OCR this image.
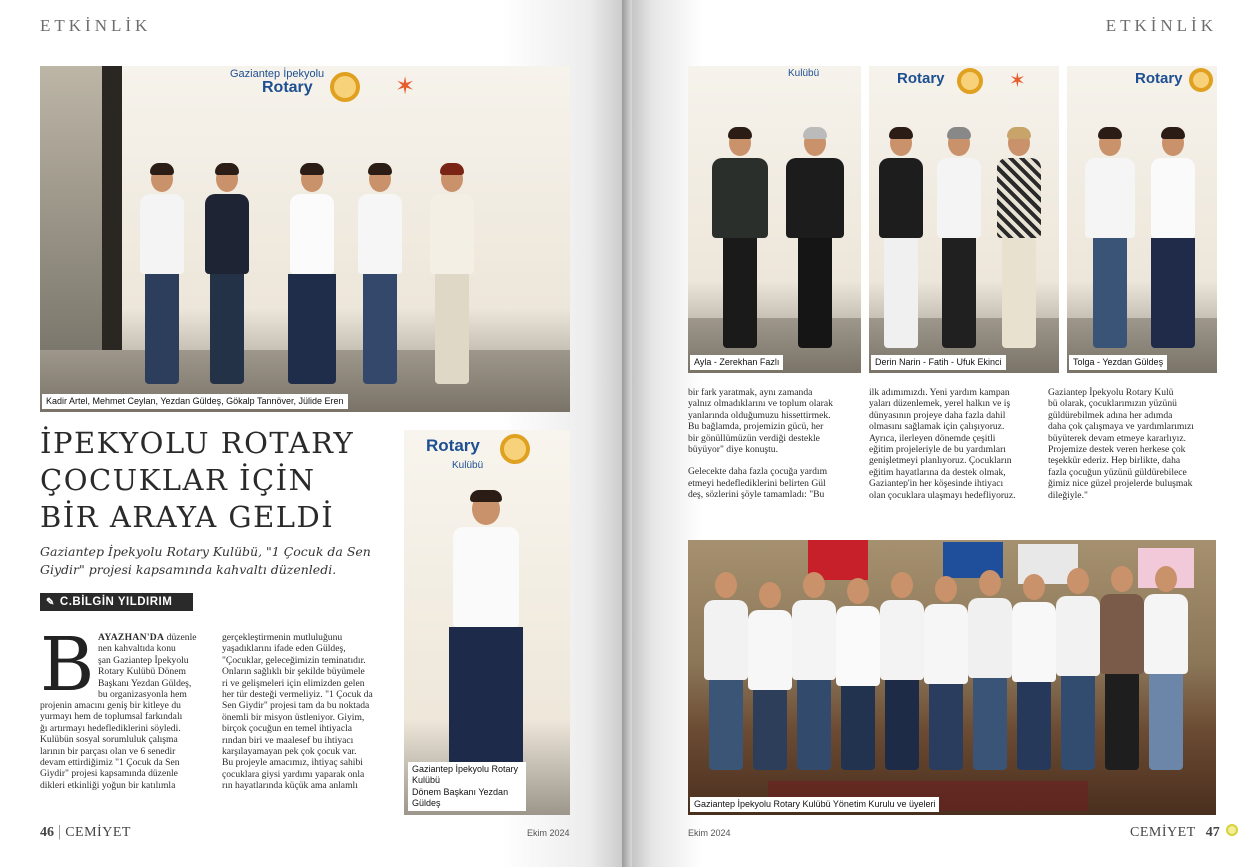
ETKİNLİK
Gaziantep İpekyolu
Rotary	✶
Kadir Artel, Mehmet Ceylan, Yezdan Güldeş, Gökalp Tannöver, Jülide Eren
İPEKYOLU ROTARY
ÇOCUKLAR İÇİN
BİR ARAYA GELDİ
Gaziantep İpekyolu Rotary Kulübü, "1 Çocuk da Sen Giydir" projesi kapsamında kahvaltı düzenledi.
✎ C.BİLGİN YILDIRIM
B AYAZHAN'DA düzenle
nen kahvaltıda konu
şan Gaziantep İpekyolu
Rotary Kulübü Dönem
Başkanı Yezdan Güldeş,
bu organizasyonla hem
projenin amacını geniş bir kitleye du
yurmayı hem de toplumsal farkındalı
ğı artırmayı hedeflediklerini söyledi.
Kulübün sosyal sorumluluk çalışma
larının bir parçası olan ve 6 senedir
devam ettirdiğimiz "1 Çocuk da Sen
Giydir" projesi kapsamında düzenle
dikleri etkinliği yoğun bir katılımla
gerçekleştirmenin mutluluğunu
yaşadıklarını ifade eden Güldeş,
"Çocuklar, geleceğimizin teminatıdır.
Onların sağlıklı bir şekilde büyümele
ri ve gelişmeleri için elimizden gelen
her tür desteği vermeliyiz. "1 Çocuk da
Sen Giydir" projesi tam da bu noktada
önemli bir misyon üstleniyor. Giyim,
birçok çocuğun en temel ihtiyacla
rından biri ve maalesef bu ihtiyacı
karşılayamayan pek çok çocuk var.
Bu projeyle amacımız, ihtiyaç sahibi
çocuklara giysi yardımı yaparak onla
rın hayatlarında küçük ama anlamlı
Rotary
Kulübü
Gaziantep İpekyolu Rotary Kulübü
Dönem Başkanı Yezdan Güldeş
46 | CEMİYET	Ekim 2024
ETKİNLİK
Kulübü
Ayla - Zerekhan Fazlı
Rotary	✶
Derin Narin - Fatih - Ufuk Ekinci
Rotary
Tolga - Yezdan Güldeş
bir fark yaratmak, aynı zamanda
yalnız olmadıklarını ve toplum olarak
yanlarında olduğumuzu hissettirmek.
Bu bağlamda, projemizin gücü, her
bir gönüllümüzün verdiği destekle
büyüyor" diye konuştu.
Gelecekte daha fazla çocuğa yardım
etmeyi hedeflediklerini belirten Gül
deş, sözlerini şöyle tamamladı: "Bu
ilk adımımızdı. Yeni yardım kampan
yaları düzenlemek, yerel halkın ve iş
dünyasının projeye daha fazla dahil
olmasını sağlamak için çalışıyoruz.
Ayrıca, ilerleyen dönemde çeşitli
eğitim projeleriyle de bu yardımları
genişletmeyi planlıyoruz. Çocukların
eğitim hayatlarına da destek olmak,
Gaziantep'in her köşesinde ihtiyacı
olan çocuklara ulaşmayı hedefliyoruz.
Gaziantep İpekyolu Rotary Kulü
bü olarak, çocuklarımızın yüzünü
güldürebilmek adına her adımda
daha çok çalışmaya ve yardımlarımızı
büyüterek devam etmeye kararlıyız.
Projemize destek veren herkese çok
teşekkür ederiz. Hep birlikte, daha
fazla çocuğun yüzünü güldürebilece
ğimiz nice güzel projelerde buluşmak
dileğiyle."
Gaziantep İpekyolu Rotary Kulübü Yönetim Kurulu ve üyeleri
Ekim 2024	CEMİYET 47
